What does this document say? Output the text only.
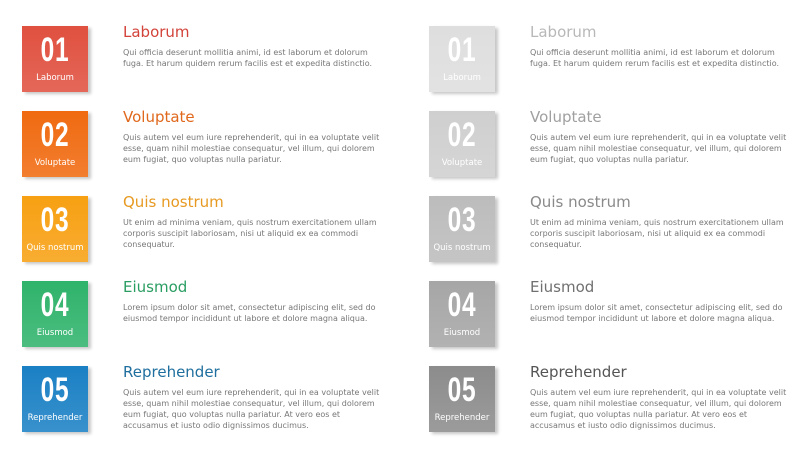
01
Laborum
Laborum
Qui officia deserunt mollitia animi, id est laborum et dolorum fuga. Et harum quidem rerum facilis est et expedita distinctio.
02
Voluptate
Voluptate
Quis autem vel eum iure reprehenderit, qui in ea voluptate velit esse, quam nihil molestiae consequatur, vel illum, qui dolorem eum fugiat, quo voluptas nulla pariatur.
03
Quis nostrum
Quis nostrum
Ut enim ad minima veniam, quis nostrum exercitationem ullam corporis suscipit laboriosam, nisi ut aliquid ex ea commodi consequatur.
04
Eiusmod
Eiusmod
Lorem ipsum dolor sit amet, consectetur adipiscing elit, sed do eiusmod tempor incididunt ut labore et dolore magna aliqua.
05
Reprehender
Reprehender
Quis autem vel eum iure reprehenderit, qui in ea voluptate velit esse, quam nihil molestiae consequatur, vel illum, qui dolorem eum fugiat, quo voluptas nulla pariatur. At vero eos et accusamus et iusto odio dignissimos ducimus.
01
Laborum
Laborum
Qui officia deserunt mollitia animi, id est laborum et dolorum fuga. Et harum quidem rerum facilis est et expedita distinctio.
02
Voluptate
Voluptate
Quis autem vel eum iure reprehenderit, qui in ea voluptate velit esse, quam nihil molestiae consequatur, vel illum, qui dolorem eum fugiat, quo voluptas nulla pariatur.
03
Quis nostrum
Quis nostrum
Ut enim ad minima veniam, quis nostrum exercitationem ullam corporis suscipit laboriosam, nisi ut aliquid ex ea commodi consequatur.
04
Eiusmod
Eiusmod
Lorem ipsum dolor sit amet, consectetur adipiscing elit, sed do eiusmod tempor incididunt ut labore et dolore magna aliqua.
05
Reprehender
Reprehender
Quis autem vel eum iure reprehenderit, qui in ea voluptate velit esse, quam nihil molestiae consequatur, vel illum, qui dolorem eum fugiat, quo voluptas nulla pariatur. At vero eos et accusamus et iusto odio dignissimos ducimus.
